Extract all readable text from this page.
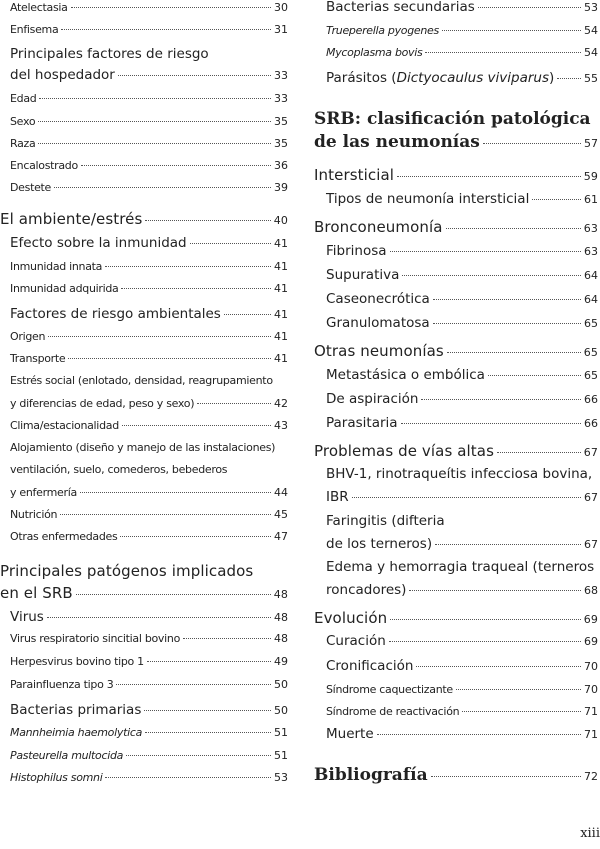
Atelectasia	30
Enfisema	31
Principales factores de riesgo
del hospedador	33
Edad	33
Sexo	35
Raza	35
Encalostrado	36
Destete	39
El ambiente/estrés	40
Efecto sobre la inmunidad	41
Inmunidad innata	41
Inmunidad adquirida	41
Factores de riesgo ambientales	41
Origen	41
Transporte	41
Estrés social (enlotado, densidad, reagrupamiento
y diferencias de edad, peso y sexo)	42
Clima/estacionalidad	43
Alojamiento (diseño y manejo de las instalaciones)
ventilación, suelo, comederos, bebederos
y enfermería	44
Nutrición	45
Otras enfermedades	47
Principales patógenos implicados
en el SRB	48
Virus	48
Virus respiratorio sincitial bovino	48
Herpesvirus bovino tipo 1	49
Parainfluenza tipo 3	50
Bacterias primarias	50
Mannheimia haemolytica	51
Pasteurella multocida	51
Histophilus somni	53
Bacterias secundarias	53
Trueperella pyogenes	54
Mycoplasma bovis	54
Parásitos (Dictyocaulus viviparus)	55
SRB: clasificación patológica
de las neumonías	57
Intersticial	59
Tipos de neumonía intersticial	61
Bronconeumonía	63
Fibrinosa	63
Supurativa	64
Caseonecrótica	64
Granulomatosa	65
Otras neumonías	65
Metastásica o embólica	65
De aspiración	66
Parasitaria	66
Problemas de vías altas	67
BHV-1, rinotraqueítis infecciosa bovina,
IBR	67
Faringitis (difteria
de los terneros)	67
Edema y hemorragia traqueal (terneros
roncadores)	68
Evolución	69
Curación	69
Cronificación	70
Síndrome caquectizante	70
Síndrome de reactivación	71
Muerte	71
Bibliografía	72
xiii
